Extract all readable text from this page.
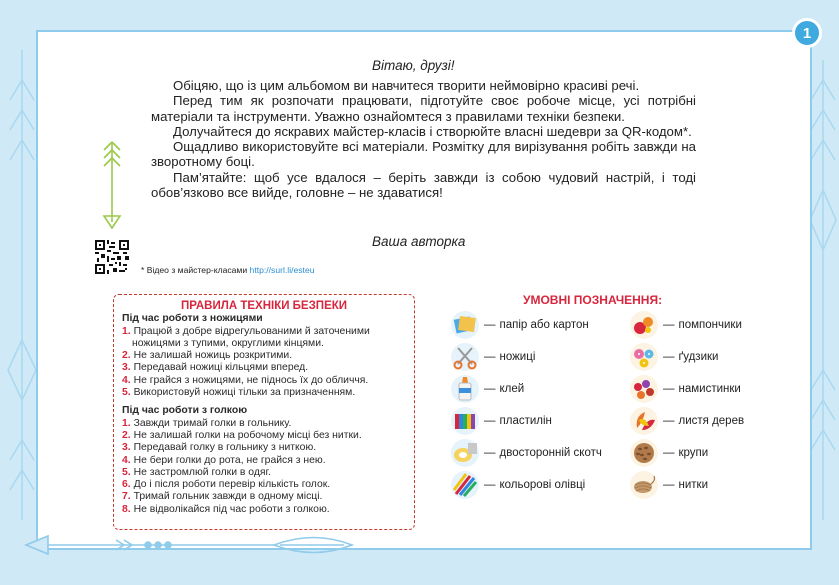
1
Вітаю, друзі!

Обіцяю, що із цим альбомом ви навчитеся творити неймовірно красиві речі.

Перед тим як розпочати працювати, підготуйте своє робоче місце, усі потрібні матеріали та інструменти. Уважно ознайомтеся з правилами техніки безпеки.

Долучайтеся до яскравих майстер-класів і створюйте власні шедеври за QR-кодом*.

Ощадливо використовуйте всі матеріали. Розмітку для вирізування робіть завжди на зворотному боці.

Пам’ятайте: щоб усе вдалося – беріть завжди із собою чудовий настрій, і тоді обов’язково все вийде, головне – не здаватися!

Ваша авторка
* Відео з майстер-класами http://surl.li/esteu
ПРАВИЛА ТЕХНІКИ БЕЗПЕКИ
Під час роботи з ножицями
1. Працюй з добре відрегульованими й заточеними ножицями з тупими, округлими кінцями.
2. Не залишай ножиць розкритими.
3. Передавай ножиці кільцями вперед.
4. Не грайся з ножицями, не піднось їх до обличчя.
5. Використовуй ножиці тільки за призначенням.
Під час роботи з голкою
1. Завжди тримай голки в гольнику.
2. Не залишай голки на робочому місці без нитки.
3. Передавай голку в гольнику з ниткою.
4. Не бери голки до рота, не грайся з нею.
5. Не застромлюй голки в одяг.
6. До і після роботи перевір кількість голок.
7. Тримай гольник завжди в одному місці.
8. Не відволікайся під час роботи з голкою.
УМОВНІ ПОЗНАЧЕННЯ:
— папір або картон
— ножиці
— клей
— пластилін
— двосторонній скотч
— кольорові олівці
— помпончики
— ґудзики
— намистинки
— листя дерев
— крупи
— нитки
